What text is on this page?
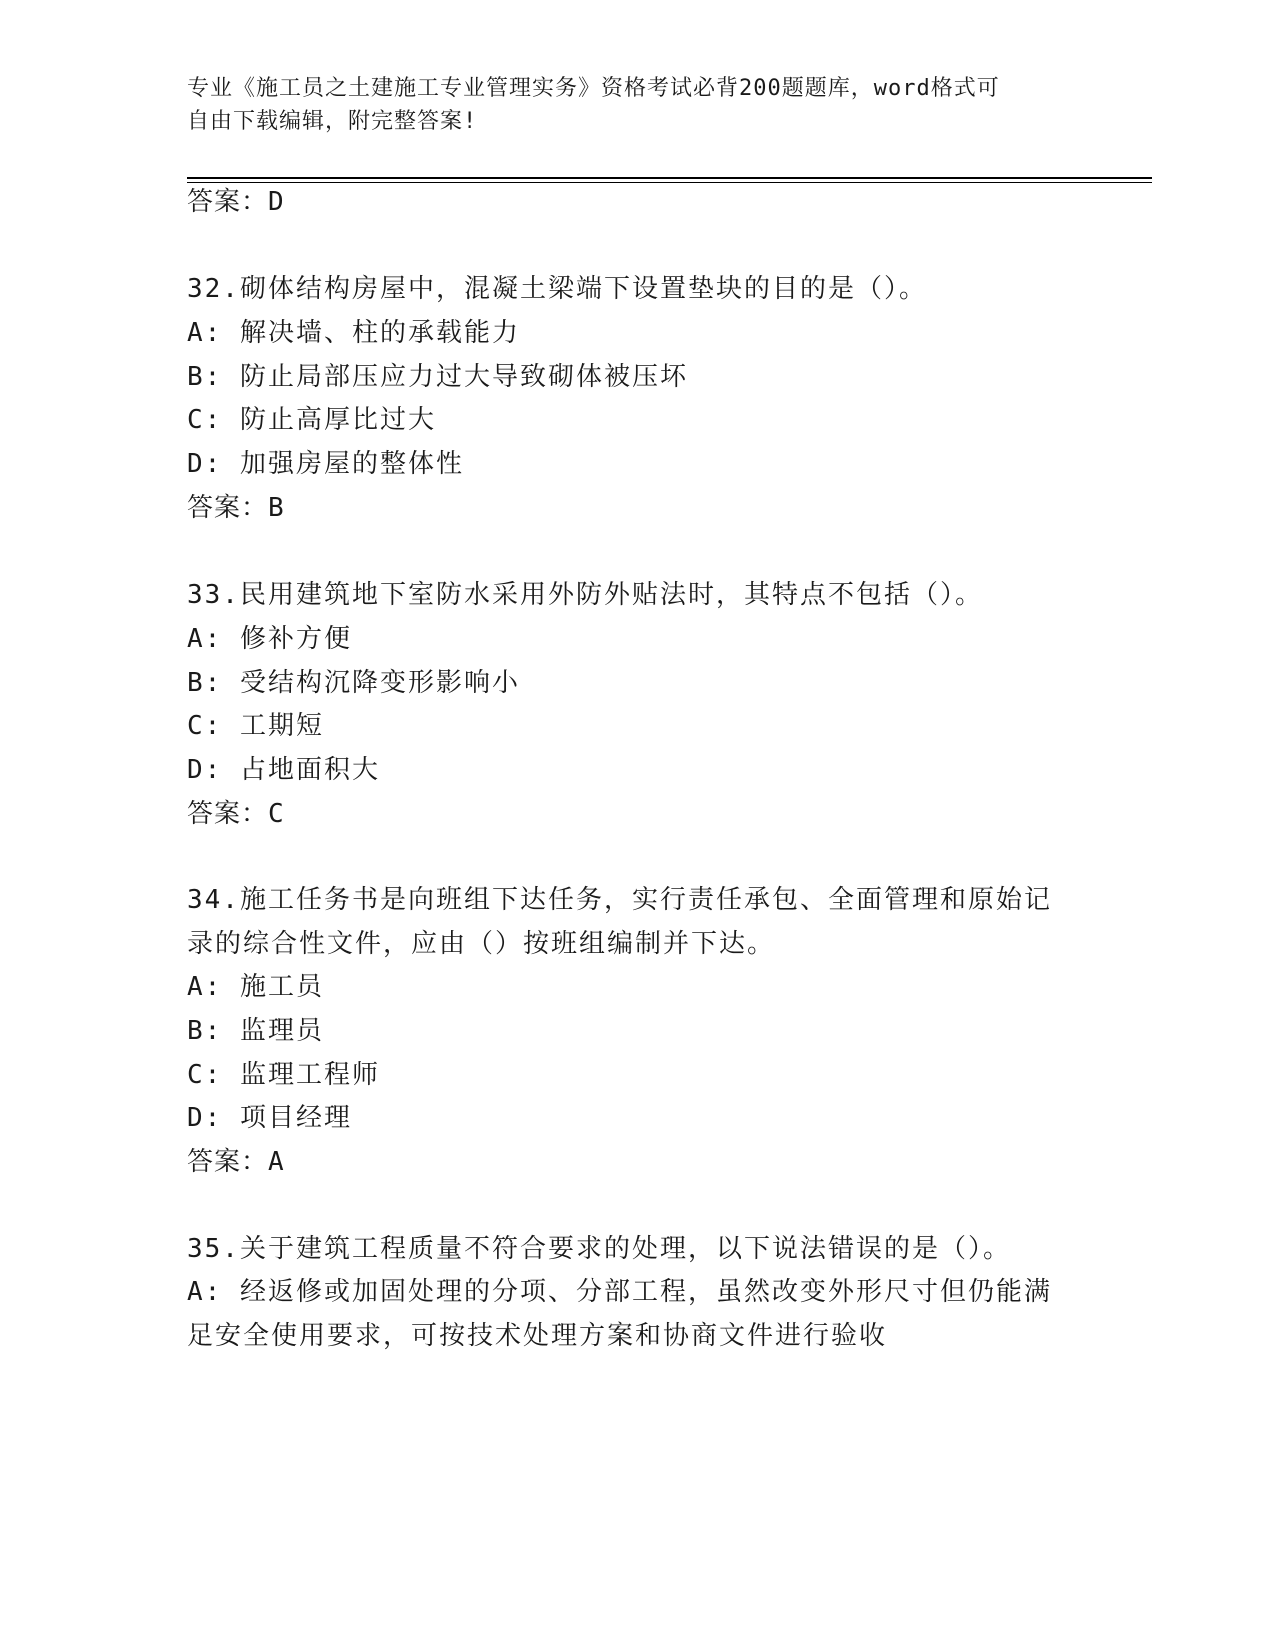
专业《施工员之土建施工专业管理实务》资格考试必背200题题库，word格式可
自由下载编辑，附完整答案!
答案：D
32.砌体结构房屋中，混凝土梁端下设置垫块的目的是（）。
A: 解决墙、柱的承载能力
B: 防止局部压应力过大导致砌体被压坏
C: 防止高厚比过大
D: 加强房屋的整体性
答案：B
33.民用建筑地下室防水采用外防外贴法时，其特点不包括（）。
A: 修补方便
B: 受结构沉降变形影响小
C: 工期短
D: 占地面积大
答案：C
34.施工任务书是向班组下达任务，实行责任承包、全面管理和原始记
录的综合性文件，应由（）按班组编制并下达。
A: 施工员
B: 监理员
C: 监理工程师
D: 项目经理
答案：A
35.关于建筑工程质量不符合要求的处理，以下说法错误的是（）。
A: 经返修或加固处理的分项、分部工程，虽然改变外形尺寸但仍能满
足安全使用要求，可按技术处理方案和协商文件进行验收
